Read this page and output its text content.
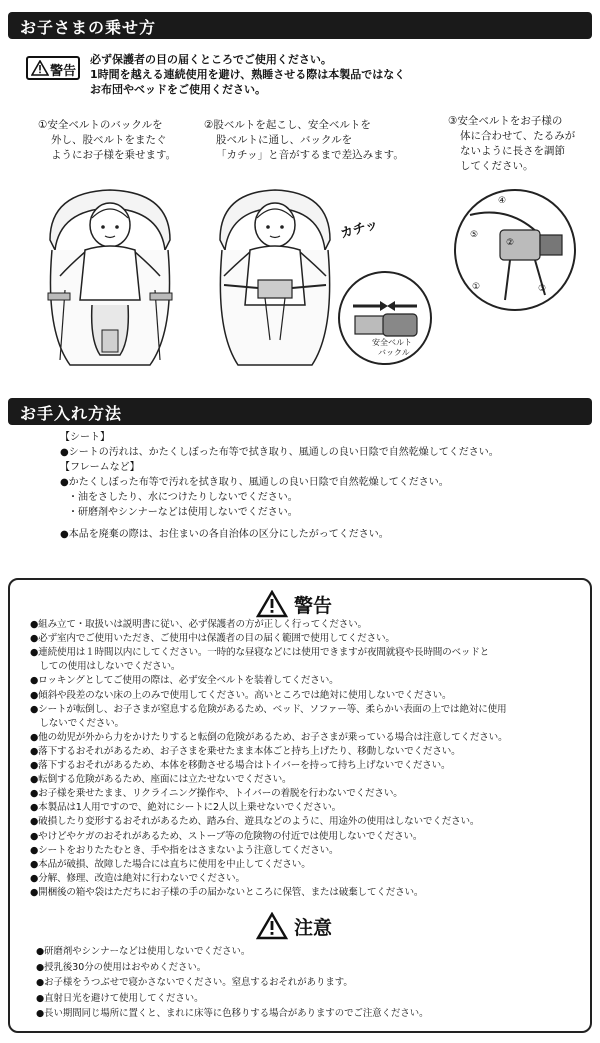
お子さまの乗せ方
警告
必ず保護者の目の届くところでご使用ください。
1時間を越える連続使用を避け、熟睡させる際は本製品ではなく
お布団やベッドをご使用ください。
①安全ベルトのバックルを
外し、股ベルトをまたぐ
ようにお子様を乗せます。
②股ベルトを起こし、安全ベルトを
股ベルトに通し、バックルを
「カチッ」と音がするまで差込みます。
③安全ベルトをお子様の
体に合わせて、たるみが
ないように長さを調節
してください。
カチッ
安全ベルト
バックル
④
⑤
②
①	③
お手入れ方法
【シート】
●シートの汚れは、かたくしぼった布等で拭き取り、風通しの良い日陰で自然乾燥してください。
【フレームなど】
●かたくしぼった布等で汚れを拭き取り、風通しの良い日陰で自然乾燥してください。
・油をさしたり、水につけたりしないでください。
・研磨剤やシンナーなどは使用しないでください。
●本品を廃棄の際は、お住まいの各自治体の区分にしたがってください。
警告
●組み立て・取扱いは説明書に従い、必ず保護者の方が正しく行ってください。
●必ず室内でご使用いただき、ご使用中は保護者の目の届く範囲で使用してください。
●連続使用は１時間以内にしてください。一時的な昼寝などには使用できますが夜間就寝や長時間のベッドと
　しての使用はしないでください。
●ロッキングとしてご使用の際は、必ず安全ベルトを装着してください。
●傾斜や段差のない床の上のみで使用してください。高いところでは絶対に使用しないでください。
●シートが転倒し、お子さまが窒息する危険があるため、ベッド、ソファー等、柔らかい表面の上では絶対に使用
　しないでください。
●他の幼児が外から力をかけたりすると転倒の危険があるため、お子さまが乗っている場合は注意してください。
●落下するおそれがあるため、お子さまを乗せたまま本体ごと持ち上げたり、移動しないでください。
●落下するおそれがあるため、本体を移動させる場合はトイバーを持って持ち上げないでください。
●転倒する危険があるため、座面には立たせないでください。
●お子様を乗せたまま、リクライニング操作や、トイバーの着脱を行わないでください。
●本製品は1人用ですので、絶対にシートに2人以上乗せないでください。
●破損したり変形するおそれがあるため、踏み台、遊具などのように、用途外の使用はしないでください。
●やけどやケガのおそれがあるため、ストーブ等の危険物の付近では使用しないでください。
●シートをおりたたむとき、手や指をはさまないよう注意してください。
●本品が破損、故障した場合には直ちに使用を中止してください。
●分解、修理、改造は絶対に行わないでください。
●開梱後の箱や袋はただちにお子様の手の届かないところに保管、または破棄してください。
注意
●研磨剤やシンナーなどは使用しないでください。
●授乳後30分の使用はおやめください。
●お子様をうつぶせで寝かさないでください。窒息するおそれがあります。
●直射日光を避けて使用してください。
●長い期間同じ場所に置くと、まれに床等に色移りする場合がありますのでご注意ください。
